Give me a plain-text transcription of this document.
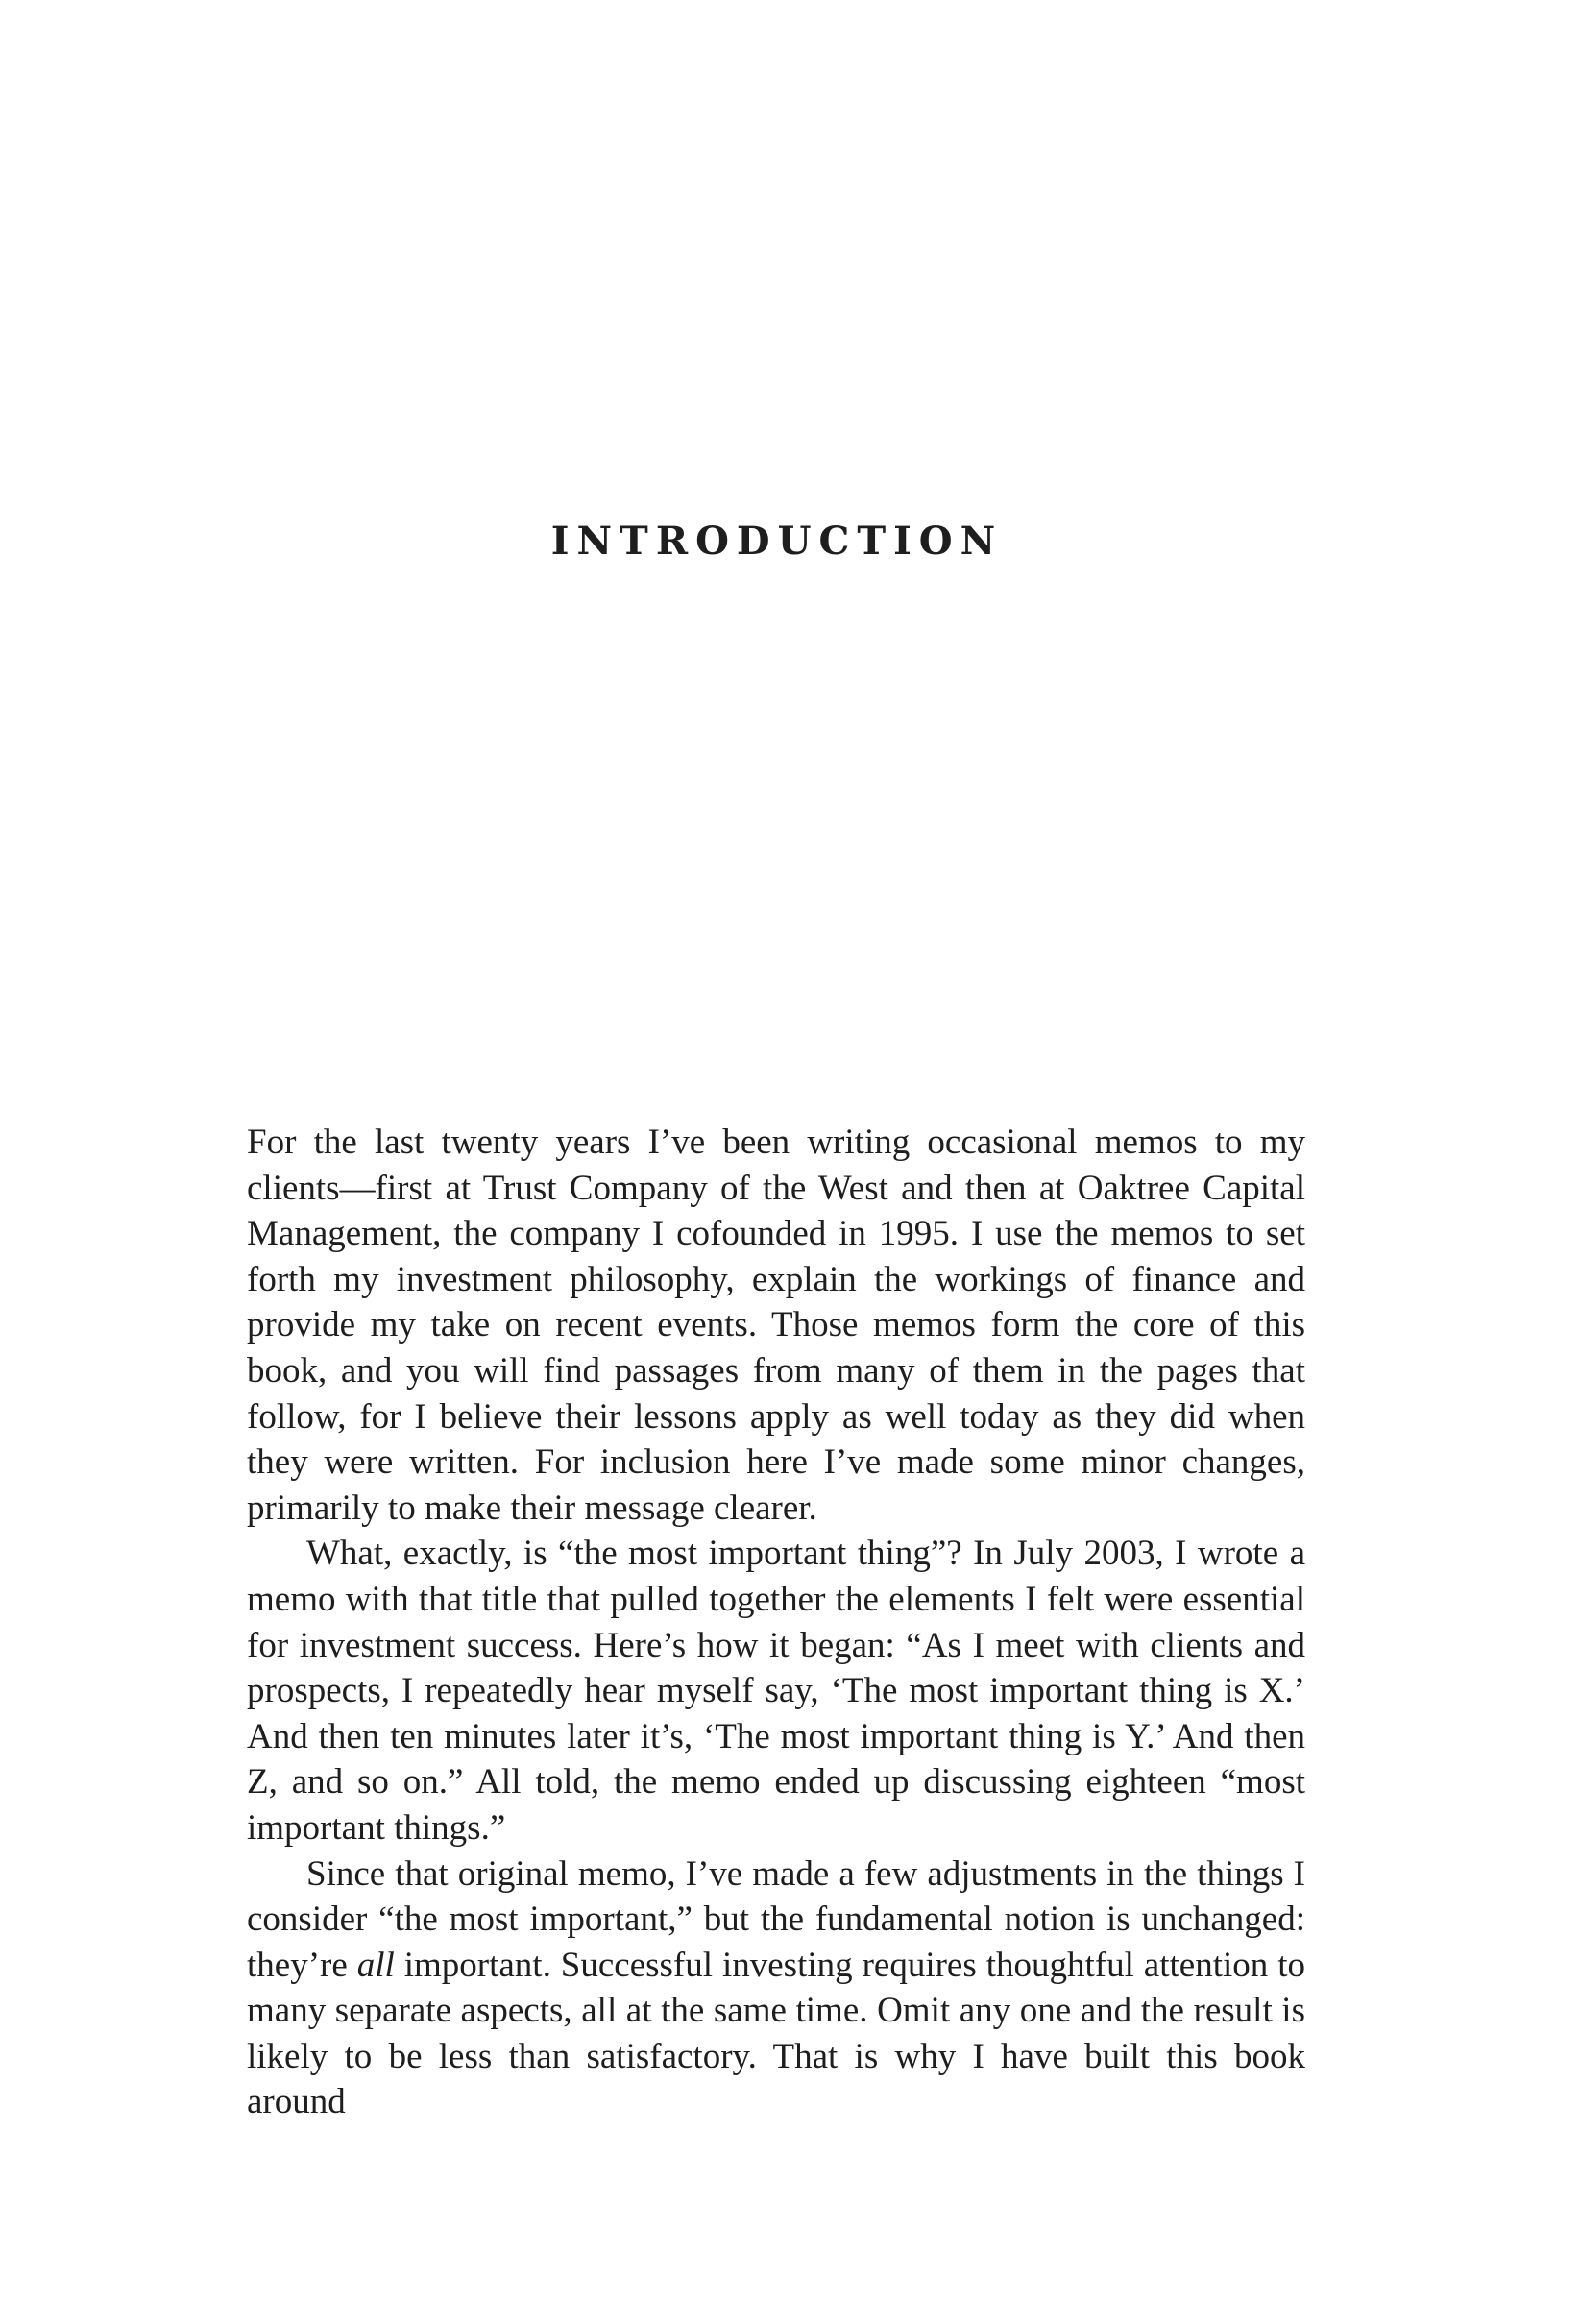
INTRODUCTION

For the last twenty years I’ve been writing occasional memos to my clients—first at Trust Company of the West and then at Oaktree Capital Management, the company I cofounded in 1995. I use the memos to set forth my investment philosophy, explain the workings of finance and provide my take on recent events. Those memos form the core of this book, and you will find passages from many of them in the pages that follow, for I believe their lessons apply as well today as they did when they were written. For inclusion here I’ve made some minor changes, primarily to make their message clearer.

What, exactly, is “the most important thing”? In July 2003, I wrote a memo with that title that pulled together the elements I felt were essential for investment success. Here’s how it began: “As I meet with clients and prospects, I repeatedly hear myself say, ‘The most important thing is X.’ And then ten minutes later it’s, ‘The most important thing is Y.’ And then Z, and so on.” All told, the memo ended up discussing eighteen “most important things.”

Since that original memo, I’ve made a few adjustments in the things I consider “the most important,” but the fundamental notion is unchanged: they’re all important. Successful investing requires thoughtful attention to many separate aspects, all at the same time. Omit any one and the result is likely to be less than satisfactory. That is why I have built this book around
